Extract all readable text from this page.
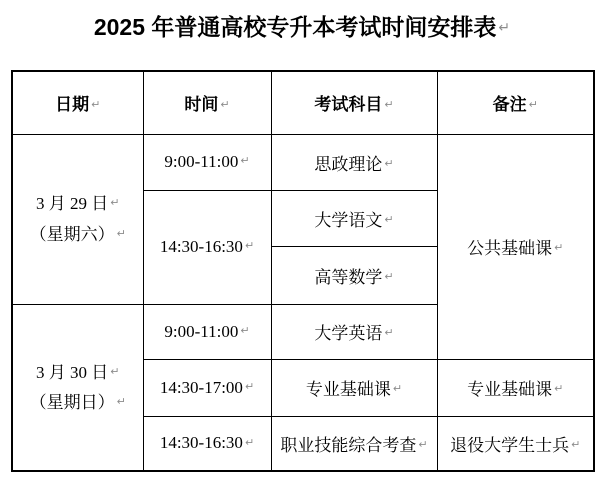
2025 年普通高校专升本考试时间安排表 ↵
日期 ↵	时间 ↵	考试科目 ↵	备注 ↵

3 月 29 日 ↵
（星期六） ↵	9:00-11:00 ↵	思政理论 ↵	公共基础课 ↵
	14:30-16:30 ↵	大学语文 ↵	
		高等数学 ↵	

3 月 30 日 ↵
（星期日） ↵	9:00-11:00 ↵	大学英语 ↵	
	14:30-17:00 ↵	专业基础课 ↵	专业基础课 ↵
	14:30-16:30 ↵	职业技能综合考查 ↵	退役大学生士兵 ↵
